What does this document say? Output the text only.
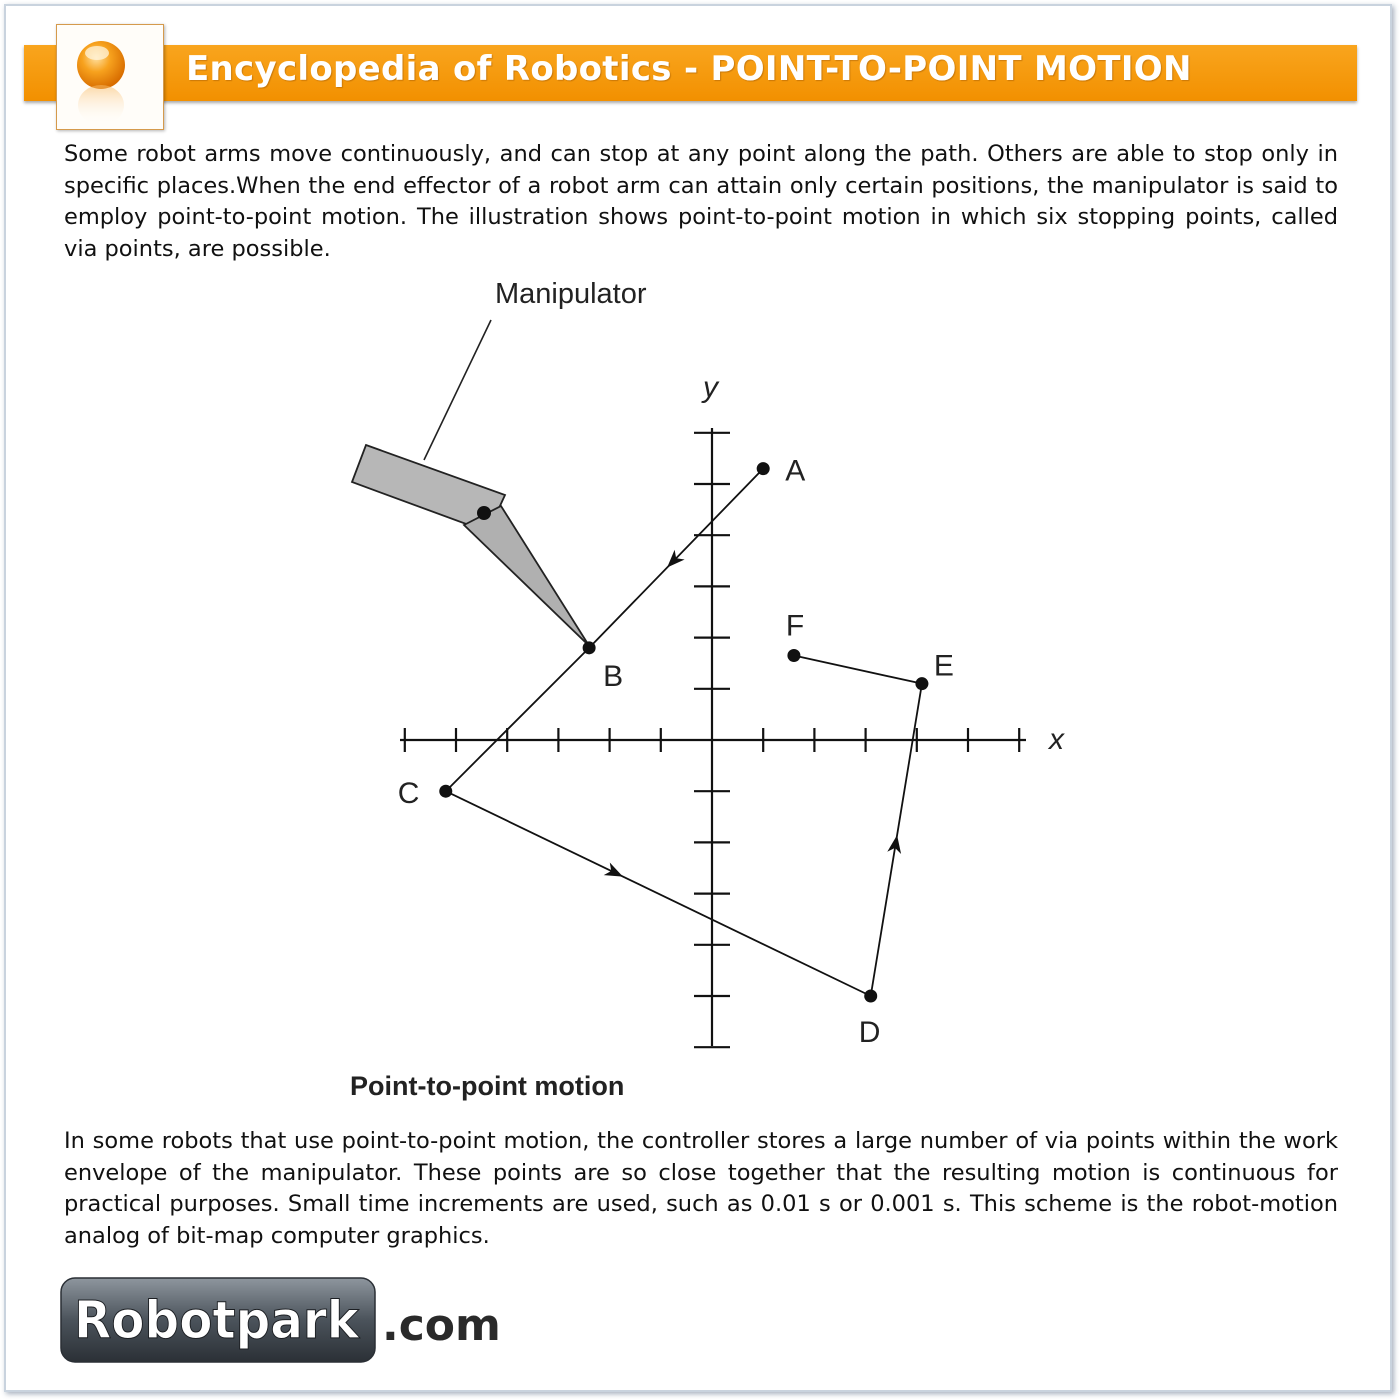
Encyclopedia of Robotics - POINT-TO-POINT MOTION
Some robot arms move continuously, and can stop at any point along the path. Others are able to stop only in specific places.When the end effector of a robot arm can attain only certain positions, the manipulator is said to employ point-to-point motion. The illustration shows point-to-point motion in which six stopping points, called via points, are possible.
A
B
C
D
E
F
Manipulator
y
x
Point-to-point motion
In some robots that use point-to-point motion, the controller stores a large number of via points within the work envelope of the manipulator. These points are so close together that the resulting motion is continuous for practical purposes. Small time increments are used, such as 0.01 s or 0.001 s. This scheme is the robot-motion analog of bit-map computer graphics.
Robotpark .com
